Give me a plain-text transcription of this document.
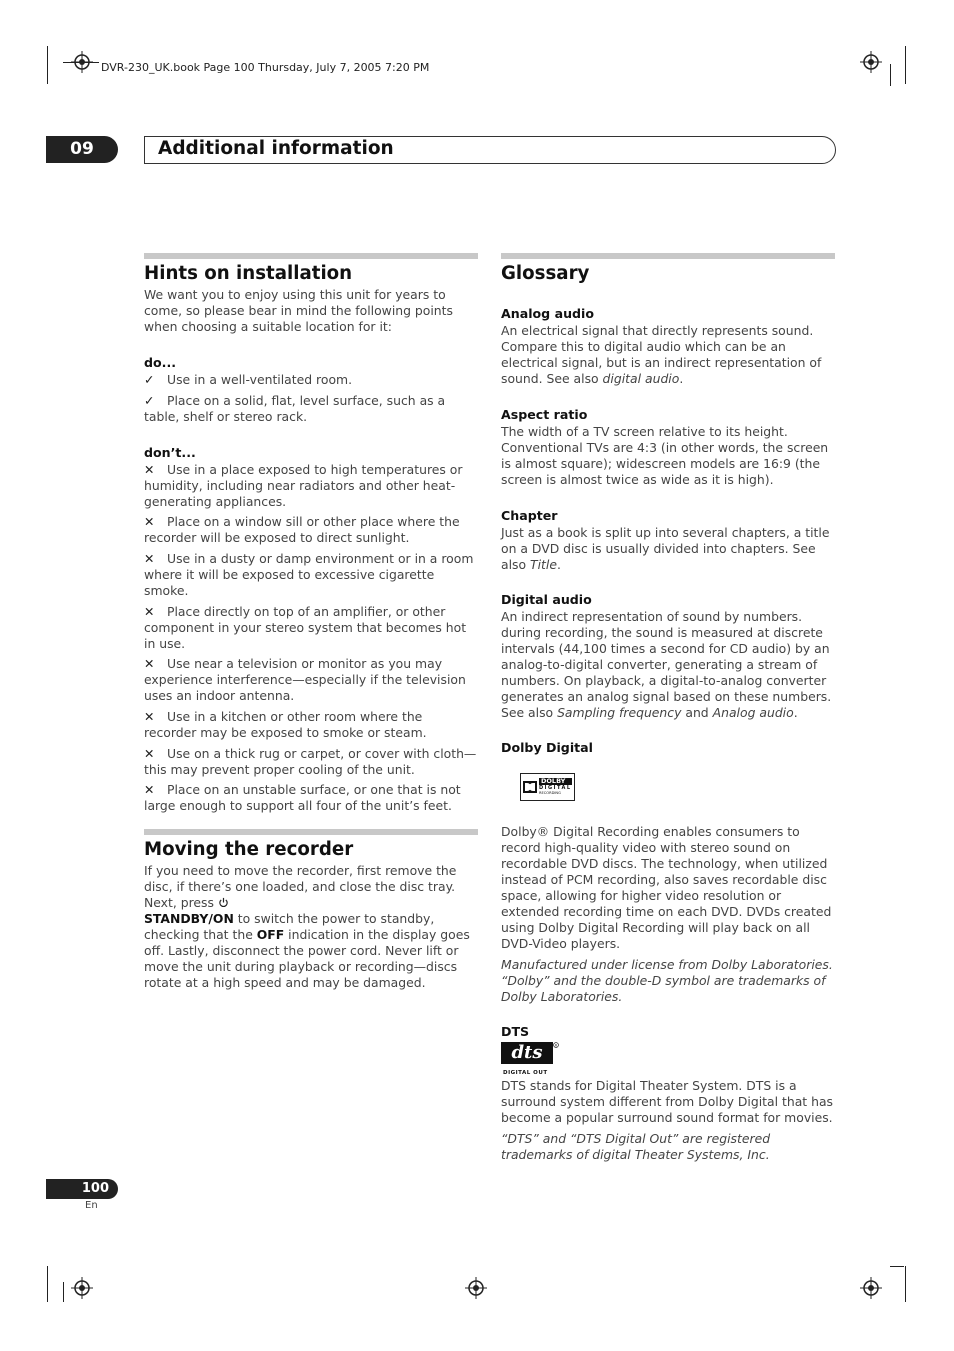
DVR-230_UK.book Page 100 Thursday, July 7, 2005 7:20 PM
09	Additional information
Hints on installation

We want you to enjoy using this unit for years to come, so please bear in mind the following points when choosing a suitable location for it:

do...

✓ Use in a well-ventilated room.

✓ Place on a solid, flat, level surface, such as a table, shelf or stereo rack.

don’t...

✕ Use in a place exposed to high temperatures or humidity, including near radiators and other heat-generating appliances.

✕ Place on a window sill or other place where the recorder will be exposed to direct sunlight.

✕ Use in a dusty or damp environment or in a room where it will be exposed to excessive cigarette smoke.

✕ Place directly on top of an amplifier, or other component in your stereo system that becomes hot in use.

✕ Use near a television or monitor as you may experience interference—especially if the television uses an indoor antenna.

✕ Use in a kitchen or other room where the recorder may be exposed to smoke or steam.

✕ Use on a thick rug or carpet, or cover with cloth—this may prevent proper cooling of the unit.

✕ Place on an unstable surface, or one that is not large enough to support all four of the unit’s feet.

Moving the recorder

If you need to move the recorder, first remove the disc, if there’s one loaded, and close the disc tray. Next, press
STANDBY/ON to switch the power to standby, checking that the OFF indication in the display goes off. Lastly, disconnect the power cord. Never lift or move the unit during playback or recording—discs rotate at a high speed and may be damaged.

Glossary
Analog audio

An electrical signal that directly represents sound. Compare this to digital audio which can be an electrical signal, but is an indirect representation of sound. See also digital audio.

Aspect ratio

The width of a TV screen relative to its height. Conventional TVs are 4:3 (in other words, the screen is almost square); widescreen models are 16:9 (the screen is almost twice as wide as it is high).

Chapter

Just as a book is split up into several chapters, a title on a DVD disc is usually divided into chapters. See also Title.

Digital audio

An indirect representation of sound by numbers. during recording, the sound is measured at discrete intervals (44,100 times a second for CD audio) by an analog-to-digital converter, generating a stream of numbers. On playback, a digital-to-analog converter generates an analog signal based on these numbers. See also Sampling frequency and Analog audio.

Dolby Digital
DOLBY
DIGITAL
RECORDING

Dolby® Digital Recording enables consumers to record high-quality video with stereo sound on recordable DVD discs. The technology, when utilized instead of PCM recording, also saves recordable disc space, allowing for higher video resolution or extended recording time on each DVD. DVDs created using Dolby Digital Recording will play back on all DVD-Video players.

Manufactured under license from Dolby Laboratories. “Dolby” and the double-D symbol are trademarks of Dolby Laboratories.

DTS
dts	R
DIGITAL OUT

DTS stands for Digital Theater System. DTS is a surround system different from Dolby Digital that has become a popular surround sound format for movies.

“DTS” and “DTS Digital Out” are registered trademarks of digital Theater Systems, Inc.

100
En
